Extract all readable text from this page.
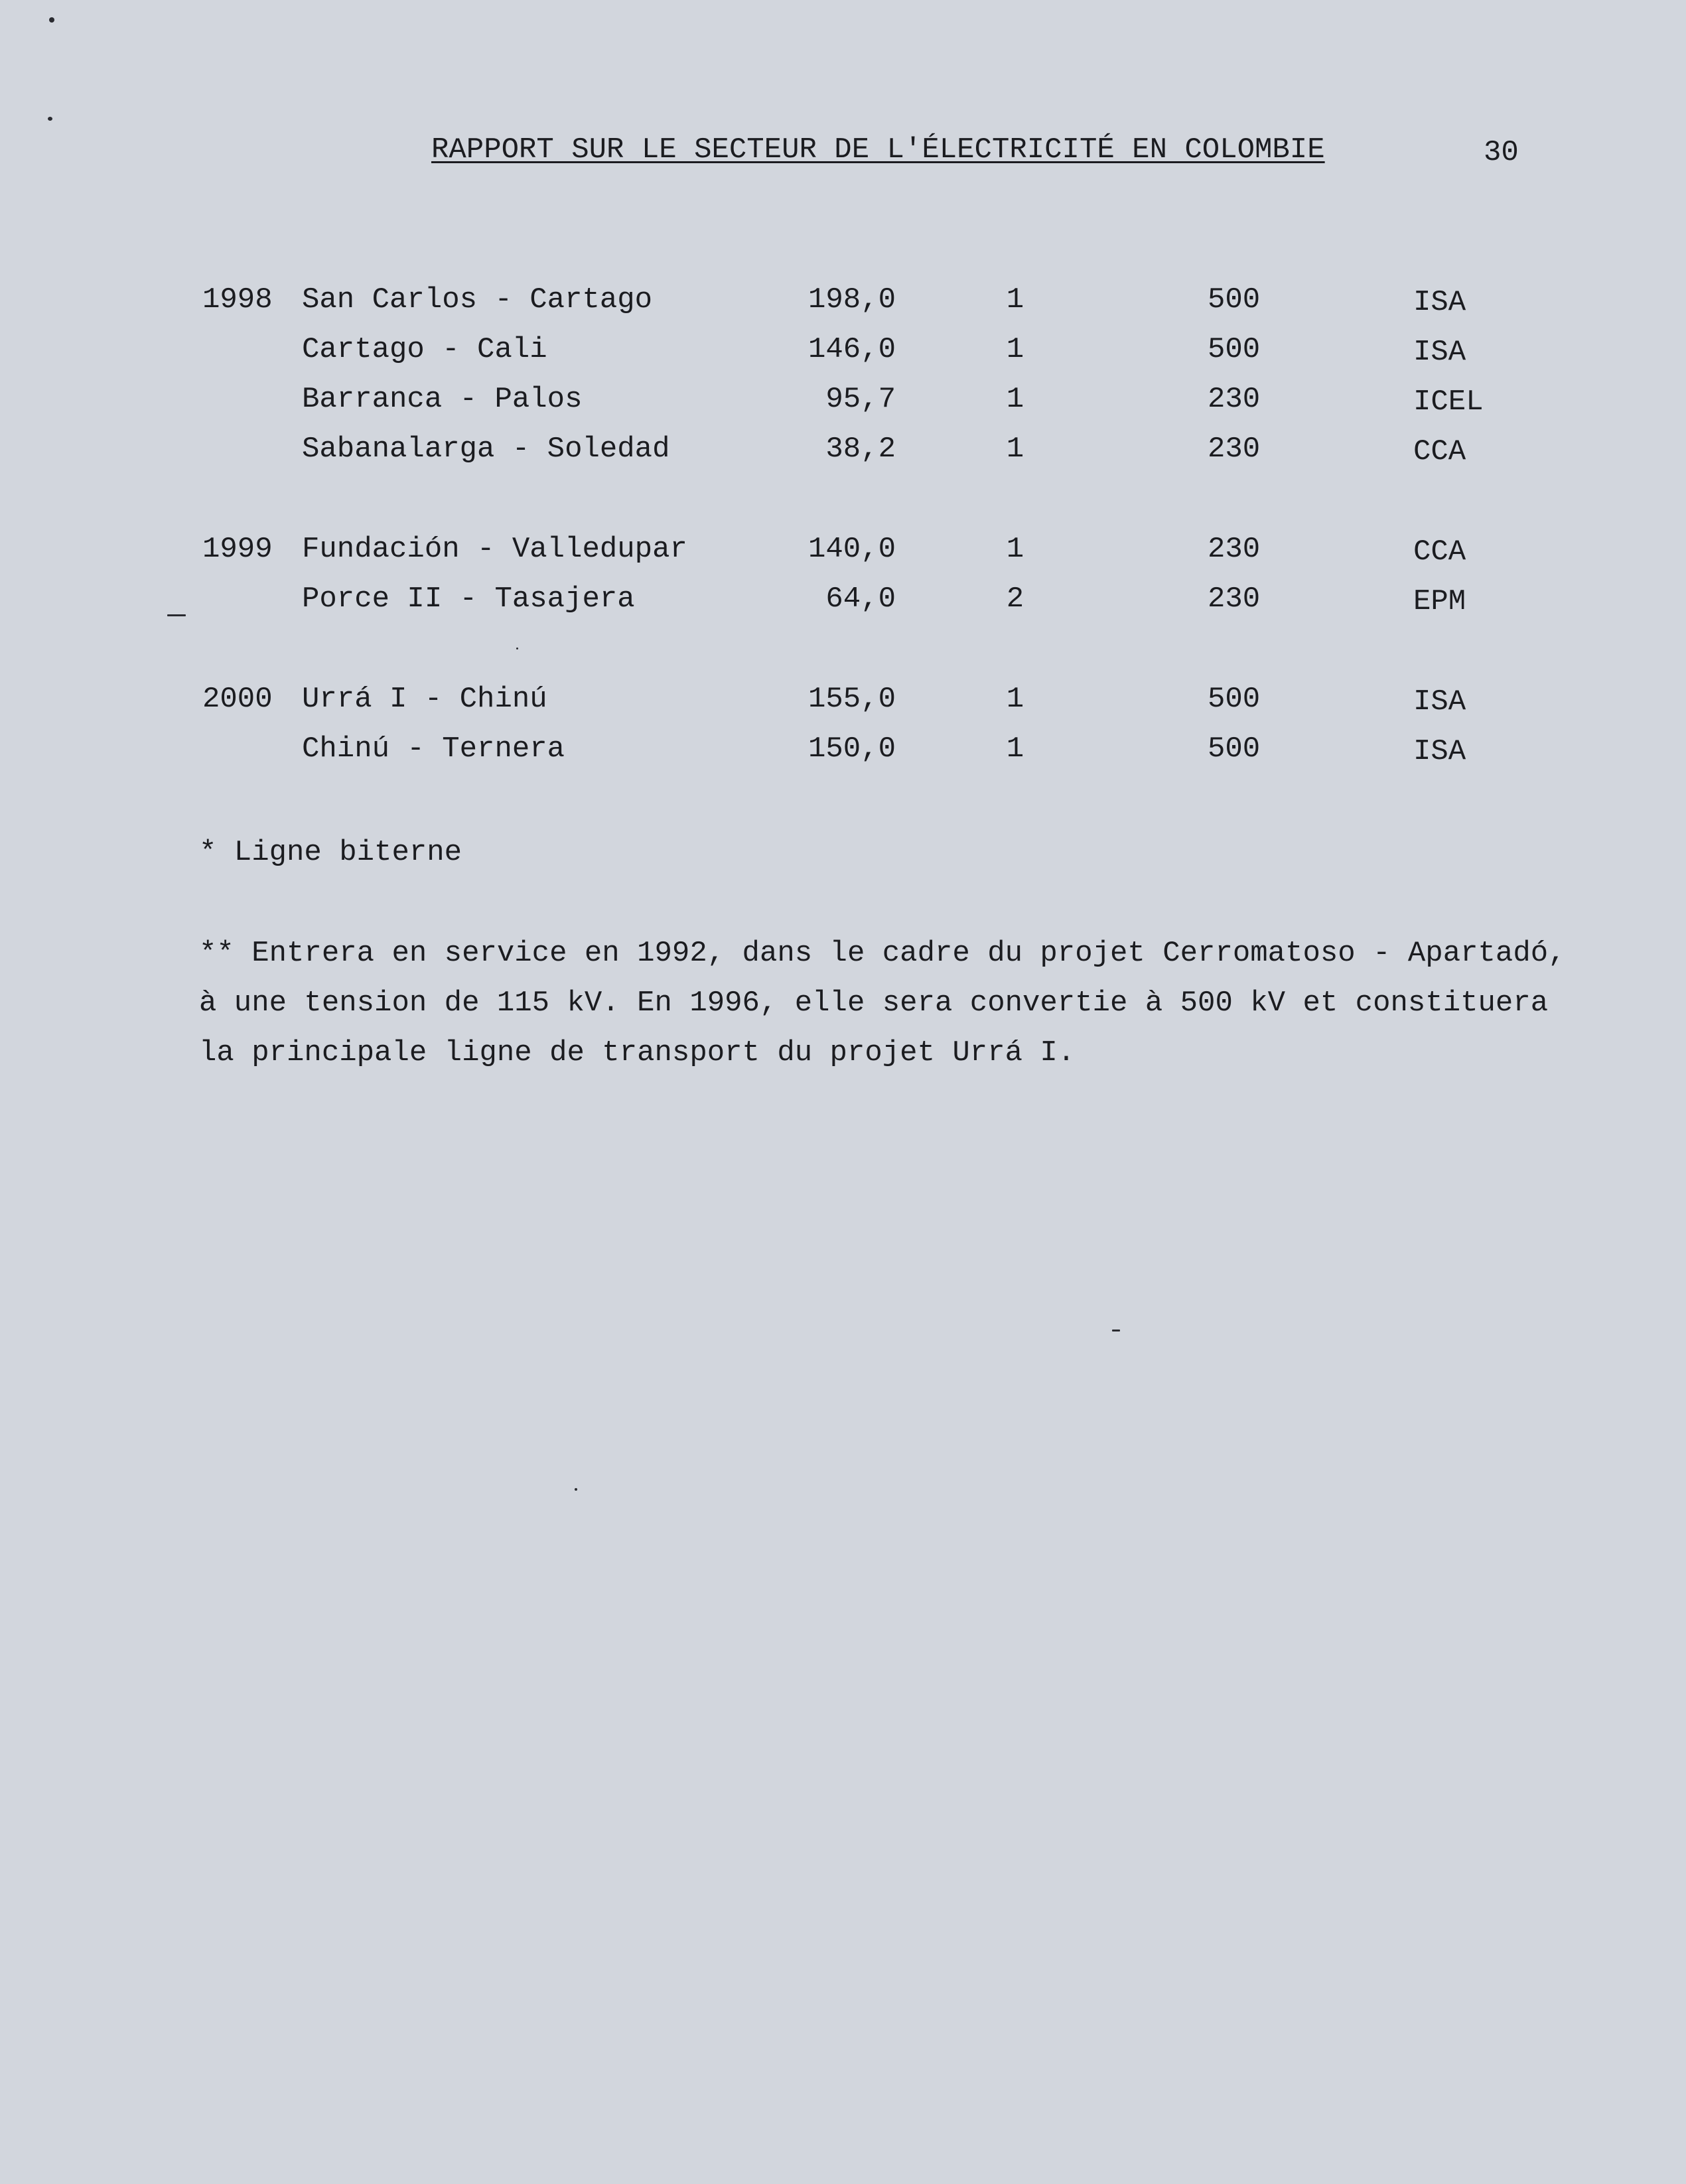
RAPPORT SUR LE SECTEUR DE L'ÉLECTRICITÉ EN COLOMBIE	30
1998 San Carlos - Cartago	198,0	1	500	ISA
Cartago - Cali	146,0	1	500	ISA
Barranca - Palos	95,7	1	230	ICEL
Sabanalarga - Soledad	38,2	1	230	CCA
1999 Fundación - Valledupar	140,0	1	230	CCA
Porce II - Tasajera	64,0	2	230	EPM
2000 Urrá I - Chinú	155,0	1	500	ISA
Chinú - Ternera	150,0	1	500	ISA
* Ligne biterne
** Entrera en service en 1992, dans le cadre du projet Cerromatoso - Apartadó,
à une tension de 115 kV. En 1996, elle sera convertie à 500 kV et constituera
la principale ligne de transport du projet Urrá I.
